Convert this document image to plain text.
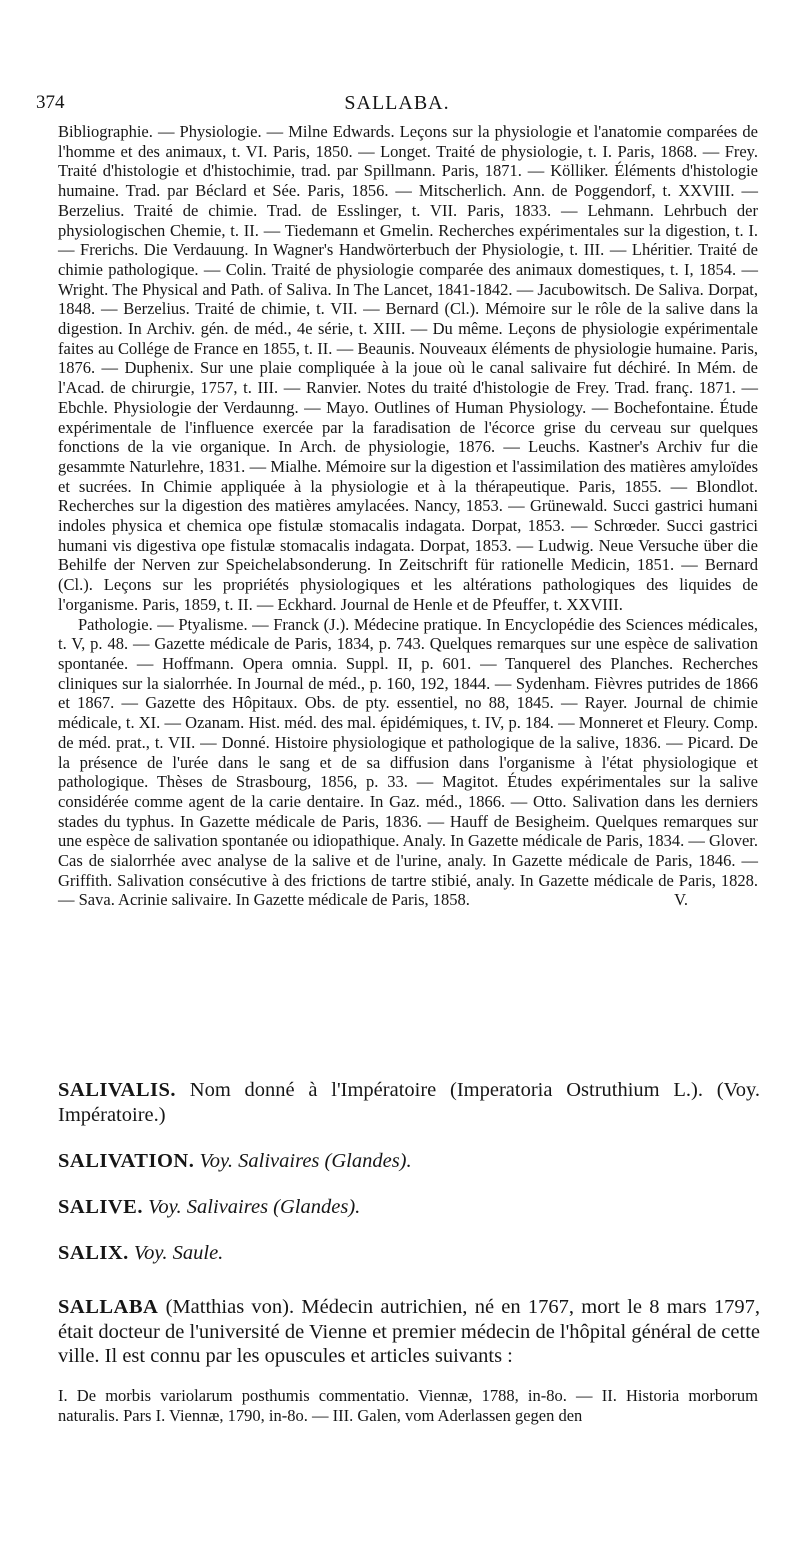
374	SALLABA.

Bibliographie. — Physiologie. — Milne Edwards. Leçons sur la physiologie et l'anatomie comparées de l'homme et des animaux, t. VI. Paris, 1850. — Longet. Traité de physiologie, t. I. Paris, 1868. — Frey. Traité d'histologie et d'histochimie, trad. par Spillmann. Paris, 1871. — Kölliker. Éléments d'histologie humaine. Trad. par Béclard et Sée. Paris, 1856. — Mitscherlich. Ann. de Poggendorf, t. XXVIII. — Berzelius. Traité de chimie. Trad. de Esslinger, t. VII. Paris, 1833. — Lehmann. Lehrbuch der physiologischen Chemie, t. II. — Tiedemann et Gmelin. Recherches expérimentales sur la digestion, t. I. — Frerichs. Die Verdauung. In Wagner's Handwörterbuch der Physiologie, t. III. — Lhéritier. Traité de chimie pathologique. — Colin. Traité de physiologie comparée des animaux domestiques, t. I, 1854. — Wright. The Physical and Path. of Saliva. In The Lancet, 1841-1842. — Jacubowitsch. De Saliva. Dorpat, 1848. — Berzelius. Traité de chimie, t. VII. — Bernard (Cl.). Mémoire sur le rôle de la salive dans la digestion. In Archiv. gén. de méd., 4e série, t. XIII. — Du même. Leçons de physiologie expérimentale faites au Collége de France en 1855, t. II. — Beaunis. Nouveaux éléments de physiologie humaine. Paris, 1876. — Duphenix. Sur une plaie compliquée à la joue où le canal salivaire fut déchiré. In Mém. de l'Acad. de chirurgie, 1757, t. III. — Ranvier. Notes du traité d'histologie de Frey. Trad. franç. 1871. — Ebchle. Physiologie der Verdaunng. — Mayo. Outlines of Human Physiology. — Bochefontaine. Étude expérimentale de l'influence exercée par la faradisation de l'écorce grise du cerveau sur quelques fonctions de la vie organique. In Arch. de physiologie, 1876. — Leuchs. Kastner's Archiv fur die gesammte Naturlehre, 1831. — Mialhe. Mémoire sur la digestion et l'assimilation des matières amyloïdes et sucrées. In Chimie appliquée à la physiologie et à la thérapeutique. Paris, 1855. — Blondlot. Recherches sur la digestion des matières amylacées. Nancy, 1853. — Grünewald. Succi gastrici humani indoles physica et chemica ope fistulæ stomacalis indagata. Dorpat, 1853. — Schrœder. Succi gastrici humani vis digestiva ope fistulæ stomacalis indagata. Dorpat, 1853. — Ludwig. Neue Versuche über die Behilfe der Nerven zur Speichelabsonderung. In Zeitschrift für rationelle Medicin, 1851. — Bernard (Cl.). Leçons sur les propriétés physiologiques et les altérations pathologiques des liquides de l'organisme. Paris, 1859, t. II. — Eckhard. Journal de Henle et de Pfeuffer, t. XXVIII.

Pathologie. — Ptyalisme. — Franck (J.). Médecine pratique. In Encyclopédie des Sciences médicales, t. V, p. 48. — Gazette médicale de Paris, 1834, p. 743. Quelques remarques sur une espèce de salivation spontanée. — Hoffmann. Opera omnia. Suppl. II, p. 601. — Tanquerel des Planches. Recherches cliniques sur la sialorrhée. In Journal de méd., p. 160, 192, 1844. — Sydenham. Fièvres putrides de 1866 et 1867. — Gazette des Hôpitaux. Obs. de pty. essentiel, no 88, 1845. — Rayer. Journal de chimie médicale, t. XI. — Ozanam. Hist. méd. des mal. épidémiques, t. IV, p. 184. — Monneret et Fleury. Comp. de méd. prat., t. VII. — Donné. Histoire physiologique et pathologique de la salive, 1836. — Picard. De la présence de l'urée dans le sang et de sa diffusion dans l'organisme à l'état physiologique et pathologique. Thèses de Strasbourg, 1856, p. 33. — Magitot. Études expérimentales sur la salive considérée comme agent de la carie dentaire. In Gaz. méd., 1866. — Otto. Salivation dans les derniers stades du typhus. In Gazette médicale de Paris, 1836. — Hauff de Besigheim. Quelques remarques sur une espèce de salivation spontanée ou idiopathique. Analy. In Gazette médicale de Paris, 1834. — Glover. Cas de sialorrhée avec analyse de la salive et de l'urine, analy. In Gazette médicale de Paris, 1846. — Griffith. Salivation consécutive à des frictions de tartre stibié, analy. In Gazette médicale de Paris, 1828. — Sava. Acrinie salivaire. In Gazette médicale de Paris, 1858.	V.

SALIVALIS. Nom donné à l'Impératoire (Imperatoria Ostruthium L.). (Voy. Impératoire.)

SALIVATION. Voy. Salivaires (Glandes).

SALIVE. Voy. Salivaires (Glandes).

SALIX. Voy. Saule.

SALLABA (Matthias von). Médecin autrichien, né en 1767, mort le 8 mars 1797, était docteur de l'université de Vienne et premier médecin de l'hôpital général de cette ville. Il est connu par les opuscules et articles suivants :
I. De morbis variolarum posthumis commentatio. Viennæ, 1788, in-8o. — II. Historia morborum naturalis. Pars I. Viennæ, 1790, in-8o. — III. Galen, vom Aderlassen gegen den
